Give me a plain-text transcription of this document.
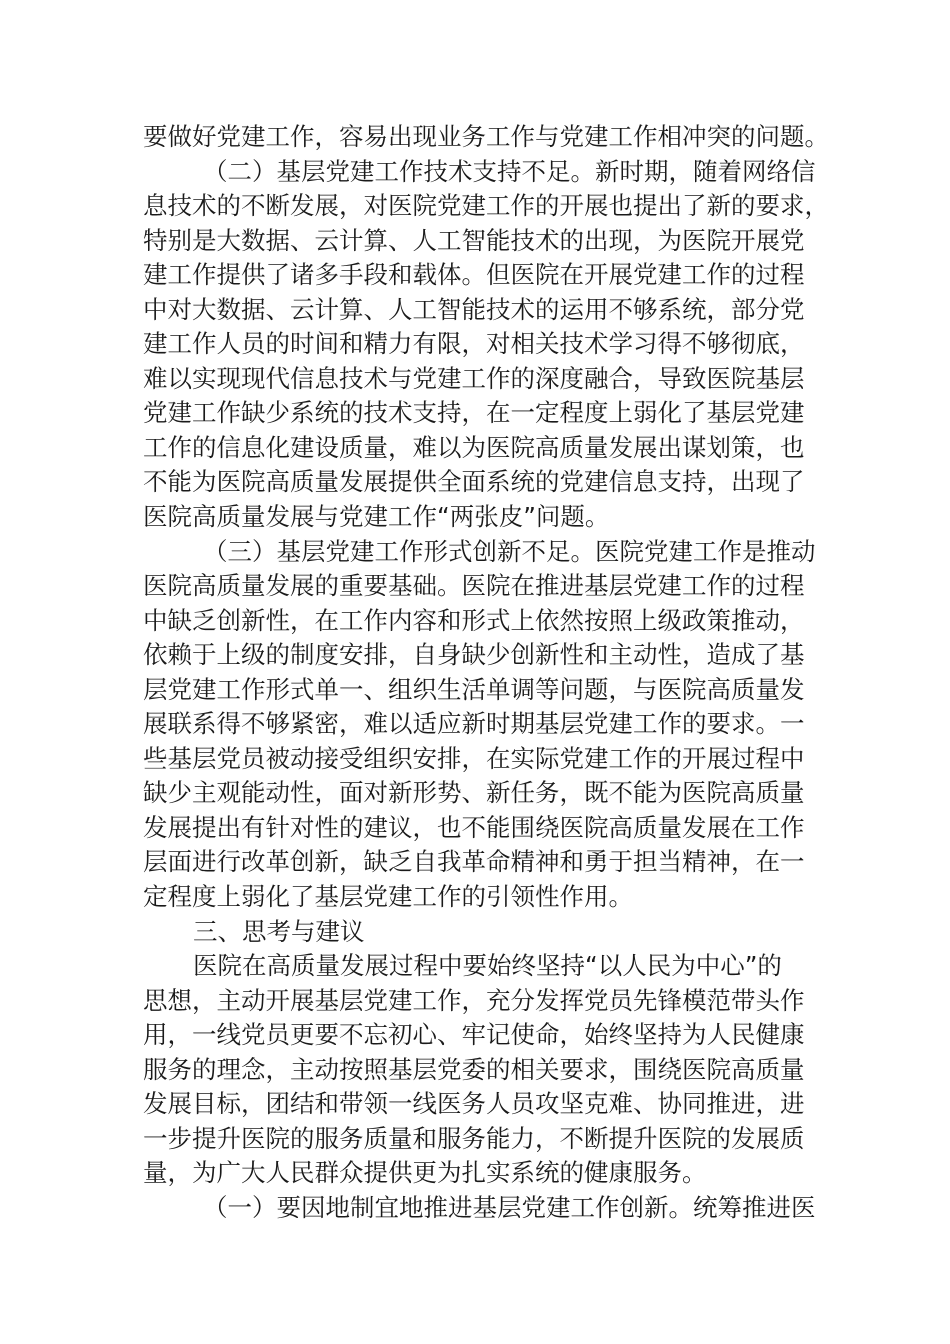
要做好党建工作，容易出现业务工作与党建工作相冲突的问题。
（二）基层党建工作技术支持不足。新时期，随着网络信
息技术的不断发展，对医院党建工作的开展也提出了新的要求，
特别是大数据、云计算、人工智能技术的出现，为医院开展党
建工作提供了诸多手段和载体。但医院在开展党建工作的过程
中对大数据、云计算、人工智能技术的运用不够系统，部分党
建工作人员的时间和精力有限，对相关技术学习得不够彻底，
难以实现现代信息技术与党建工作的深度融合，导致医院基层
党建工作缺少系统的技术支持，在一定程度上弱化了基层党建
工作的信息化建设质量，难以为医院高质量发展出谋划策，也
不能为医院高质量发展提供全面系统的党建信息支持，出现了
医院高质量发展与党建工作“两张皮”问题。
（三）基层党建工作形式创新不足。医院党建工作是推动
医院高质量发展的重要基础。医院在推进基层党建工作的过程
中缺乏创新性，在工作内容和形式上依然按照上级政策推动，
依赖于上级的制度安排，自身缺少创新性和主动性，造成了基
层党建工作形式单一、组织生活单调等问题，与医院高质量发
展联系得不够紧密，难以适应新时期基层党建工作的要求。一
些基层党员被动接受组织安排，在实际党建工作的开展过程中
缺少主观能动性，面对新形势、新任务，既不能为医院高质量
发展提出有针对性的建议，也不能围绕医院高质量发展在工作
层面进行改革创新，缺乏自我革命精神和勇于担当精神，在一
定程度上弱化了基层党建工作的引领性作用。
三、思考与建议
医院在高质量发展过程中要始终坚持“以人民为中心”的
思想，主动开展基层党建工作，充分发挥党员先锋模范带头作
用，一线党员更要不忘初心、牢记使命，始终坚持为人民健康
服务的理念，主动按照基层党委的相关要求，围绕医院高质量
发展目标，团结和带领一线医务人员攻坚克难、协同推进，进
一步提升医院的服务质量和服务能力，不断提升医院的发展质
量，为广大人民群众提供更为扎实系统的健康服务。
（一）要因地制宜地推进基层党建工作创新。统筹推进医
